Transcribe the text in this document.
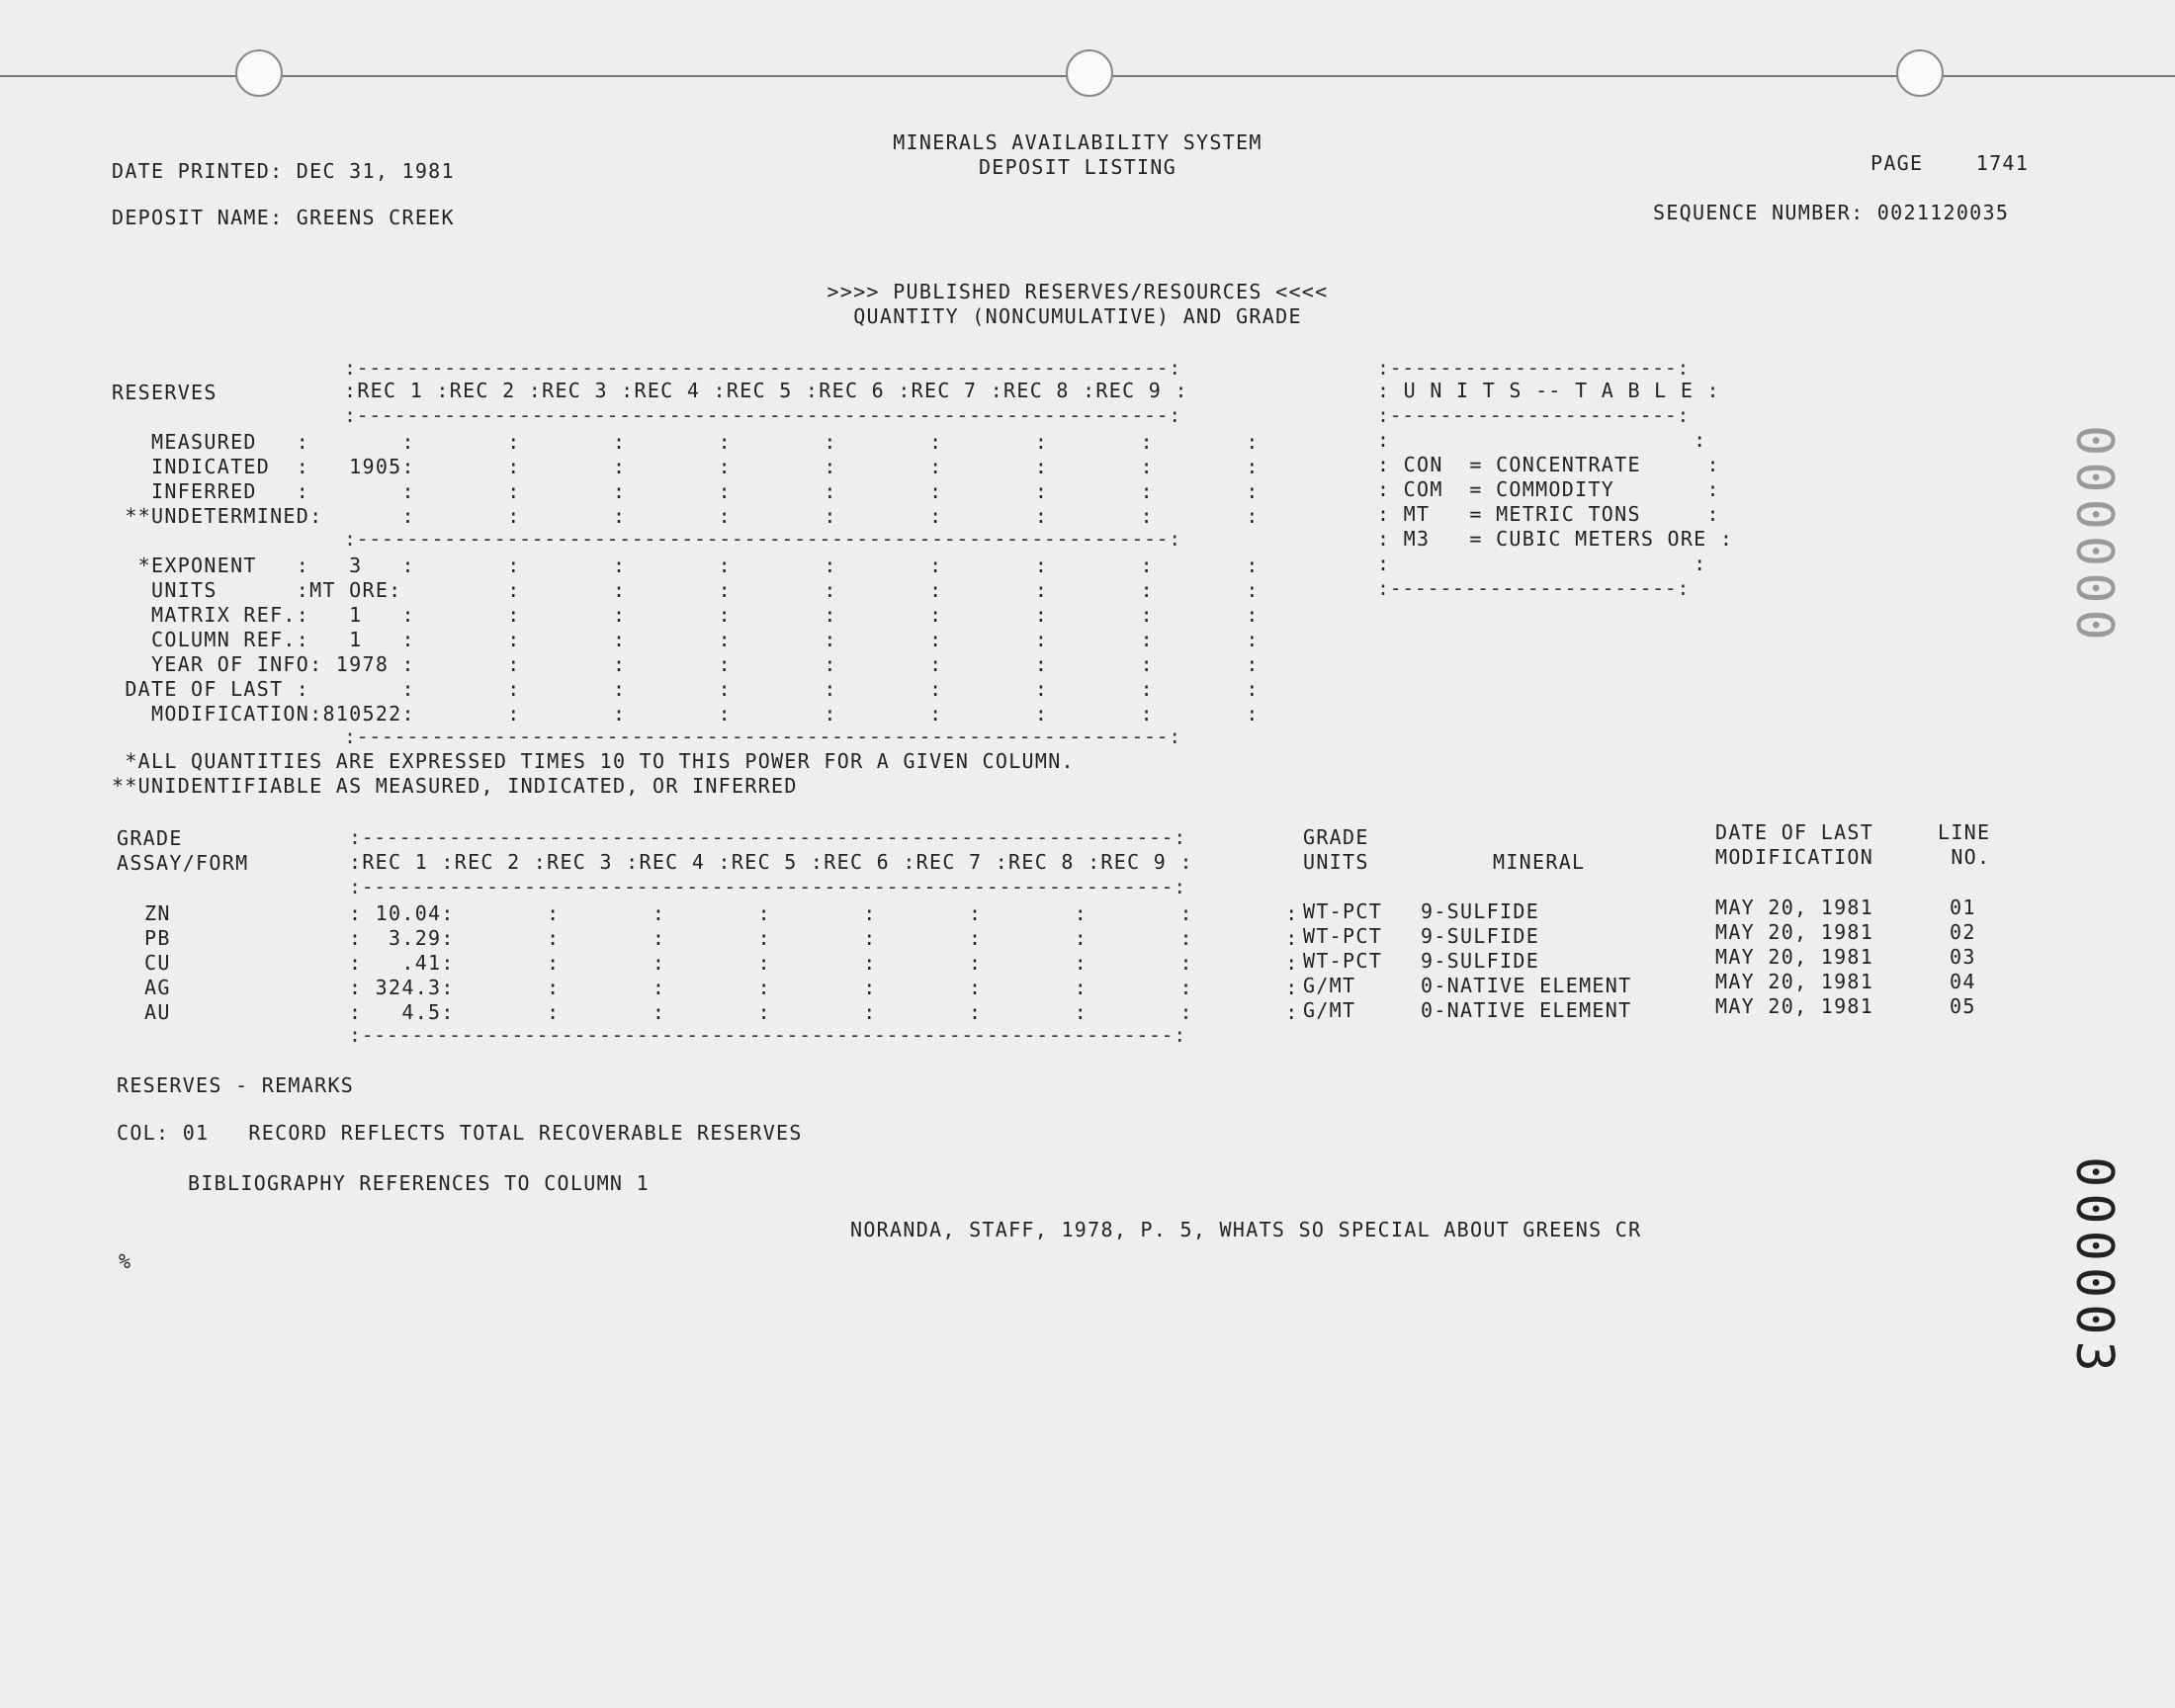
MINERALS AVAILABILITY SYSTEM
DEPOSIT LISTING
DATE PRINTED: DEC 31, 1981	PAGE    1741
DEPOSIT NAME: GREENS CREEK	SEQUENCE NUMBER: 0021120035
>>>> PUBLISHED RESERVES/RESOURCES <<<<
QUANTITY (NONCUMULATIVE) AND GRADE
RESERVES
:-----------------------------------------------------------------:
:REC 1 :REC 2 :REC 3 :REC 4 :REC 5 :REC 6 :REC 7 :REC 8 :REC 9 :
:-----------------------------------------------------------------:
MEASURED   :       :       :       :       :       :       :       :       :       :
INDICATED  :   1905:       :       :       :       :       :       :       :       :
INFERRED   :       :       :       :       :       :       :       :       :       :
**UNDETERMINED:      :       :       :       :       :       :       :       :       :
:-----------------------------------------------------------------:
*EXPONENT   :   3   :       :       :       :       :       :       :       :       :
UNITS      :MT ORE:        :       :       :       :       :       :       :       :
MATRIX REF.:   1   :       :       :       :       :       :       :       :       :
COLUMN REF.:   1   :       :       :       :       :       :       :       :       :
YEAR OF INFO: 1978 :       :       :       :       :       :       :       :       :
DATE OF LAST :       :       :       :       :       :       :       :       :       :
MODIFICATION:810522:       :       :       :       :       :       :       :       :
:-----------------------------------------------------------------:
*ALL QUANTITIES ARE EXPRESSED TIMES 10 TO THIS POWER FOR A GIVEN COLUMN.
**UNIDENTIFIABLE AS MEASURED, INDICATED, OR INFERRED
:-----------------------:
: U N I T S -- T A B L E :
:-----------------------:
:                       :
: CON  = CONCENTRATE     :
: COM  = COMMODITY       :
: MT   = METRIC TONS     :
: M3   = CUBIC METERS ORE :
:                       :
:-----------------------:
GRADE
ASSAY/FORM
:-----------------------------------------------------------------:
:REC 1 :REC 2 :REC 3 :REC 4 :REC 5 :REC 6 :REC 7 :REC 8 :REC 9 :
:-----------------------------------------------------------------:
GRADE
UNITS	MINERAL
DATE OF LAST
MODIFICATION
LINE
NO.
ZN	: 10.04:       :       :       :       :       :       :       :       : WT-PCT 9-SULFIDE	MAY 20, 1981	01
PB	:  3.29:       :       :       :       :       :       :       :       : WT-PCT 9-SULFIDE	MAY 20, 1981	02
CU	:   .41:       :       :       :       :       :       :       :       : WT-PCT 9-SULFIDE	MAY 20, 1981	03
AG	: 324.3:       :       :       :       :       :       :       :       : G/MT	0-NATIVE ELEMENT	MAY 20, 1981	04
AU	:   4.5:       :       :       :       :       :       :       :       : G/MT	0-NATIVE ELEMENT	MAY 20, 1981	05
:-----------------------------------------------------------------:
RESERVES - REMARKS
COL: 01   RECORD REFLECTS TOTAL RECOVERABLE RESERVES
BIBLIOGRAPHY REFERENCES TO COLUMN 1
NORANDA, STAFF, 1978, P. 5, WHATS SO SPECIAL ABOUT GREENS CR
%
000000
000003
